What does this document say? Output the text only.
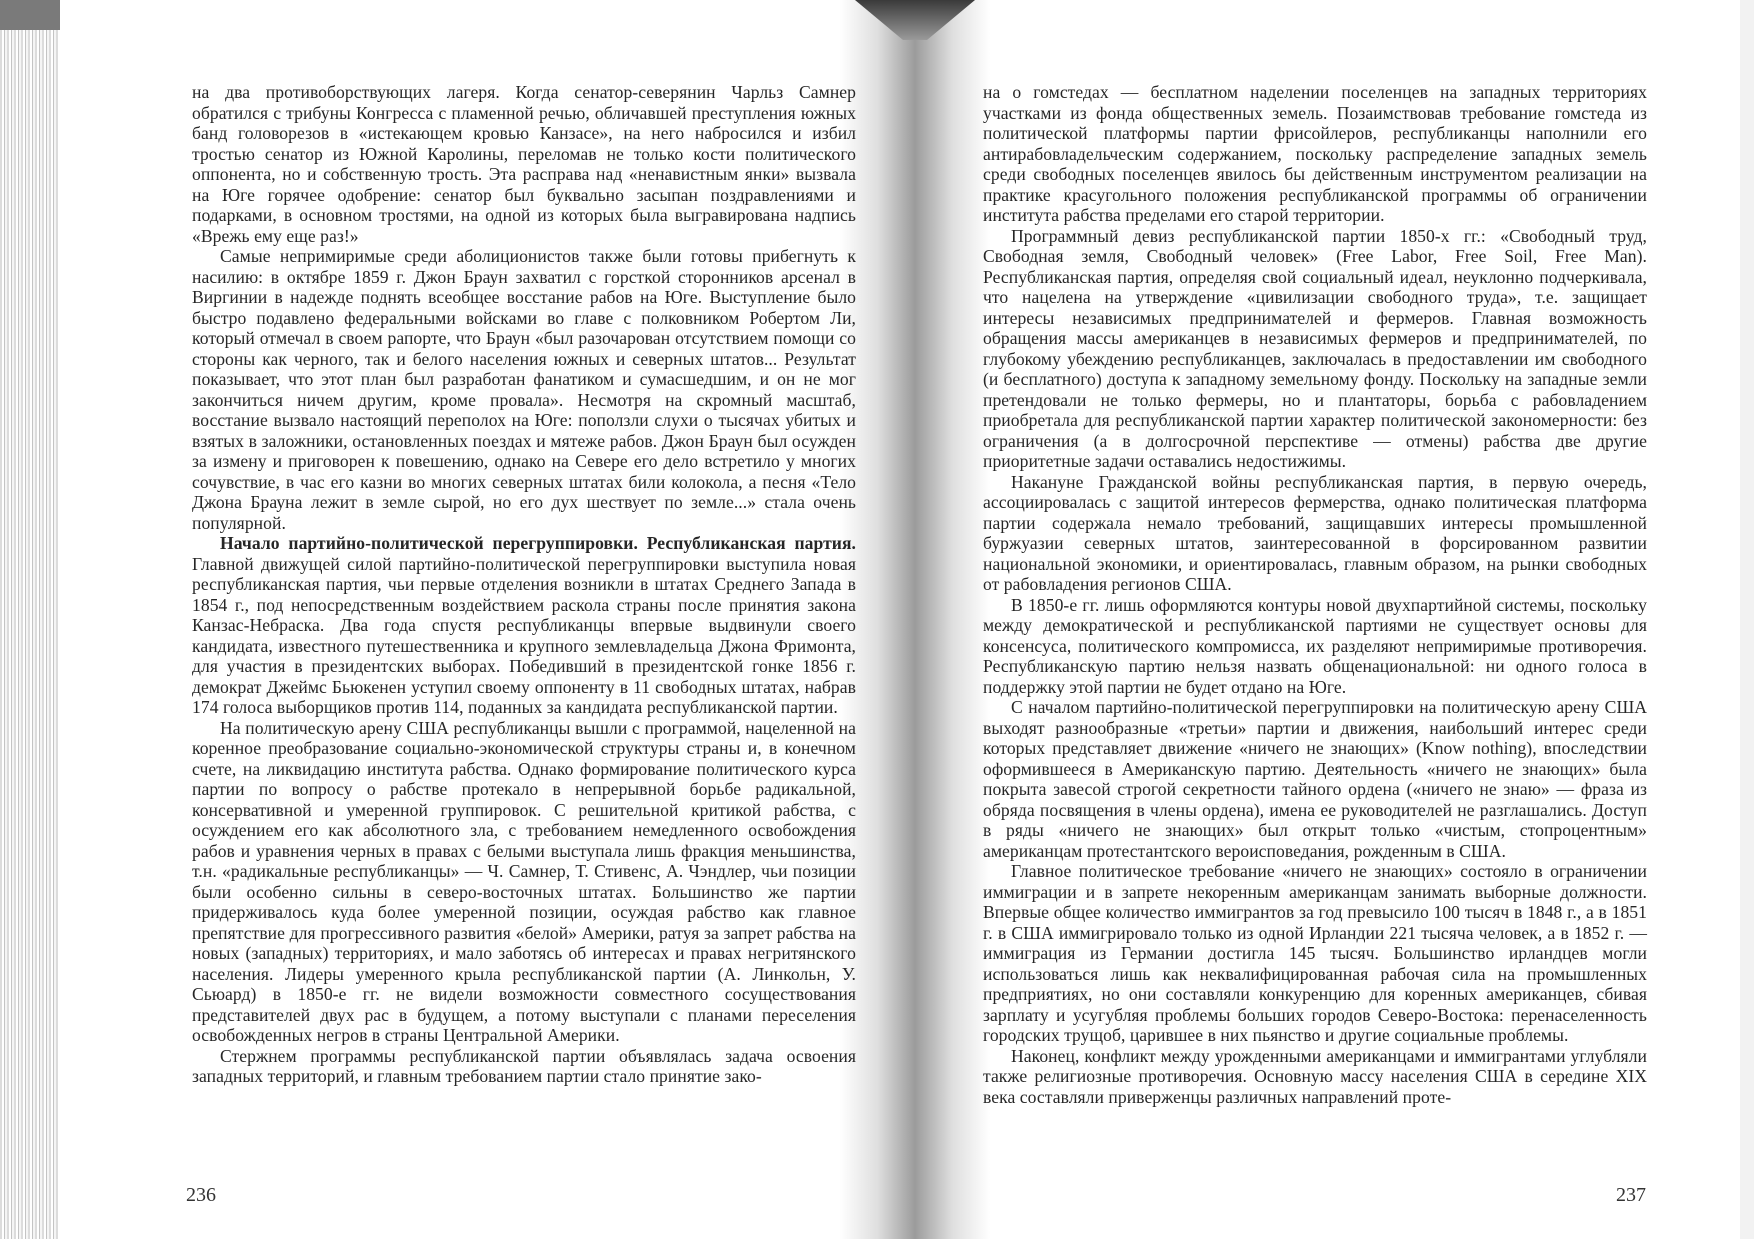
на два противоборствующих лагеря. Когда сенатор-северянин Чарльз Самнер обратился с трибуны Конгресса с пламенной речью, обличавшей преступления южных банд головорезов в «истекающем кровью Канзасе», на него набросился и избил тростью сенатор из Южной Каролины, переломав не только кости политического оппонента, но и собственную трость. Эта расправа над «ненавистным янки» вызвала на Юге горячее одобрение: сенатор был буквально засыпан поздравлениями и подарками, в основном тростями, на одной из которых была выгравирована надпись «Врежь ему еще раз!»

Самые непримиримые среди аболиционистов также были готовы прибегнуть к насилию: в октябре 1859 г. Джон Браун захватил с горсткой сторонников арсенал в Виргинии в надежде поднять всеобщее восстание рабов на Юге. Выступление было быстро подавлено федеральными войсками во главе с полковником Робертом Ли, который отмечал в своем рапорте, что Браун «был разочарован отсутствием помощи со стороны как черного, так и белого населения южных и северных штатов... Результат показывает, что этот план был разработан фанатиком и сумасшедшим, и он не мог закончиться ничем другим, кроме провала». Несмотря на скромный масштаб, восстание вызвало настоящий переполох на Юге: поползли слухи о тысячах убитых и взятых в заложники, остановленных поездах и мятеже рабов. Джон Браун был осужден за измену и приговорен к повешению, однако на Севере его дело встретило у многих сочувствие, в час его казни во многих северных штатах били колокола, а песня «Тело Джона Брауна лежит в земле сырой, но его дух шествует по земле...» стала очень популярной.

Начало партийно-политической перегруппировки. Республиканская партия. Главной движущей силой партийно-политической перегруппировки выступила новая республиканская партия, чьи первые отделения возникли в штатах Среднего Запада в 1854 г., под непосредственным воздействием раскола страны после принятия закона Канзас-Небраска. Два года спустя республиканцы впервые выдвинули своего кандидата, известного путешественника и крупного землевладельца Джона Фримонта, для участия в президентских выборах. Победивший в президентской гонке 1856 г. демократ Джеймс Бьюкенен уступил своему оппоненту в 11 свободных штатах, набрав 174 голоса выборщиков против 114, поданных за кандидата республиканской партии.

На политическую арену США республиканцы вышли с программой, нацеленной на коренное преобразование социально-экономической структуры страны и, в конечном счете, на ликвидацию института рабства. Однако формирование политического курса партии по вопросу о рабстве протекало в непрерывной борьбе радикальной, консервативной и умеренной группировок. С решительной критикой рабства, с осуждением его как абсолютного зла, с требованием немедленного освобождения рабов и уравнения черных в правах с белыми выступала лишь фракция меньшинства, т.н. «радикальные республиканцы» — Ч. Самнер, Т. Стивенс, А. Чэндлер, чьи позиции были особенно сильны в северо-восточных штатах. Большинство же партии придерживалось куда более умеренной позиции, осуждая рабство как главное препятствие для прогрессивного развития «белой» Америки, ратуя за запрет рабства на новых (западных) территориях, и мало заботясь об интересах и правах негритянского населения. Лидеры умеренного крыла республиканской партии (А. Линкольн, У. Сьюард) в 1850-е гг. не видели возможности совместного сосуществования представителей двух рас в будущем, а потому выступали с планами переселения освобожденных негров в страны Центральной Америки.

Стержнем программы республиканской партии объявлялась задача освоения западных территорий, и главным требованием партии стало принятие зако-

на о гомстедах — бесплатном наделении поселенцев на западных территориях участками из фонда общественных земель. Позаимствовав требование гомстеда из политической платформы партии фрисойлеров, республиканцы наполнили его антирабовладельческим содержанием, поскольку распределение западных земель среди свободных поселенцев явилось бы действенным инструментом реализации на практике красугольного положения республиканской программы об ограничении института рабства пределами его старой территории.

Программный девиз республиканской партии 1850-х гг.: «Свободный труд, Свободная земля, Свободный человек» (Free Labor, Free Soil, Free Man). Республиканская партия, определяя свой социальный идеал, неуклонно подчеркивала, что нацелена на утверждение «цивилизации свободного труда», т.е. защищает интересы независимых предпринимателей и фермеров. Главная возможность обращения массы американцев в независимых фермеров и предпринимателей, по глубокому убеждению республиканцев, заключалась в предоставлении им свободного (и бесплатного) доступа к западному земельному фонду. Поскольку на западные земли претендовали не только фермеры, но и плантаторы, борьба с рабовладением приобретала для республиканской партии характер политической закономерности: без ограничения (а в долгосрочной перспективе — отмены) рабства две другие приоритетные задачи оставались недостижимы.

Накануне Гражданской войны республиканская партия, в первую очередь, ассоциировалась с защитой интересов фермерства, однако политическая платформа партии содержала немало требований, защищавших интересы промышленной буржуазии северных штатов, заинтересованной в форсированном развитии национальной экономики, и ориентировалась, главным образом, на рынки свободных от рабовладения регионов США.

В 1850-е гг. лишь оформляются контуры новой двухпартийной системы, поскольку между демократической и республиканской партиями не существует основы для консенсуса, политического компромисса, их разделяют непримиримые противоречия. Республиканскую партию нельзя назвать общенациональной: ни одного голоса в поддержку этой партии не будет отдано на Юге.

С началом партийно-политической перегруппировки на политическую арену США выходят разнообразные «третьи» партии и движения, наибольший интерес среди которых представляет движение «ничего не знающих» (Know nothing), впоследствии оформившееся в Американскую партию. Деятельность «ничего не знающих» была покрыта завесой строгой секретности тайного ордена («ничего не знаю» — фраза из обряда посвящения в члены ордена), имена ее руководителей не разглашались. Доступ в ряды «ничего не знающих» был открыт только «чистым, стопроцентным» американцам протестантского вероисповедания, рожденным в США.

Главное политическое требование «ничего не знающих» состояло в ограничении иммиграции и в запрете некоренным американцам занимать выборные должности. Впервые общее количество иммигрантов за год превысило 100 тысяч в 1848 г., а в 1851 г. в США иммигрировало только из одной Ирландии 221 тысяча человек, а в 1852 г. — иммиграция из Германии достигла 145 тысяч. Большинство ирландцев могли использоваться лишь как неквалифицированная рабочая сила на промышленных предприятиях, но они составляли конкуренцию для коренных американцев, сбивая зарплату и усугубляя проблемы больших городов Северо-Востока: перенаселенность городских трущоб, царившее в них пьянство и другие социальные проблемы.

Наконец, конфликт между урожденными американцами и иммигрантами углубляли также религиозные противоречия. Основную массу населения США в середине XIX века составляли приверженцы различных направлений проте-

236	237
